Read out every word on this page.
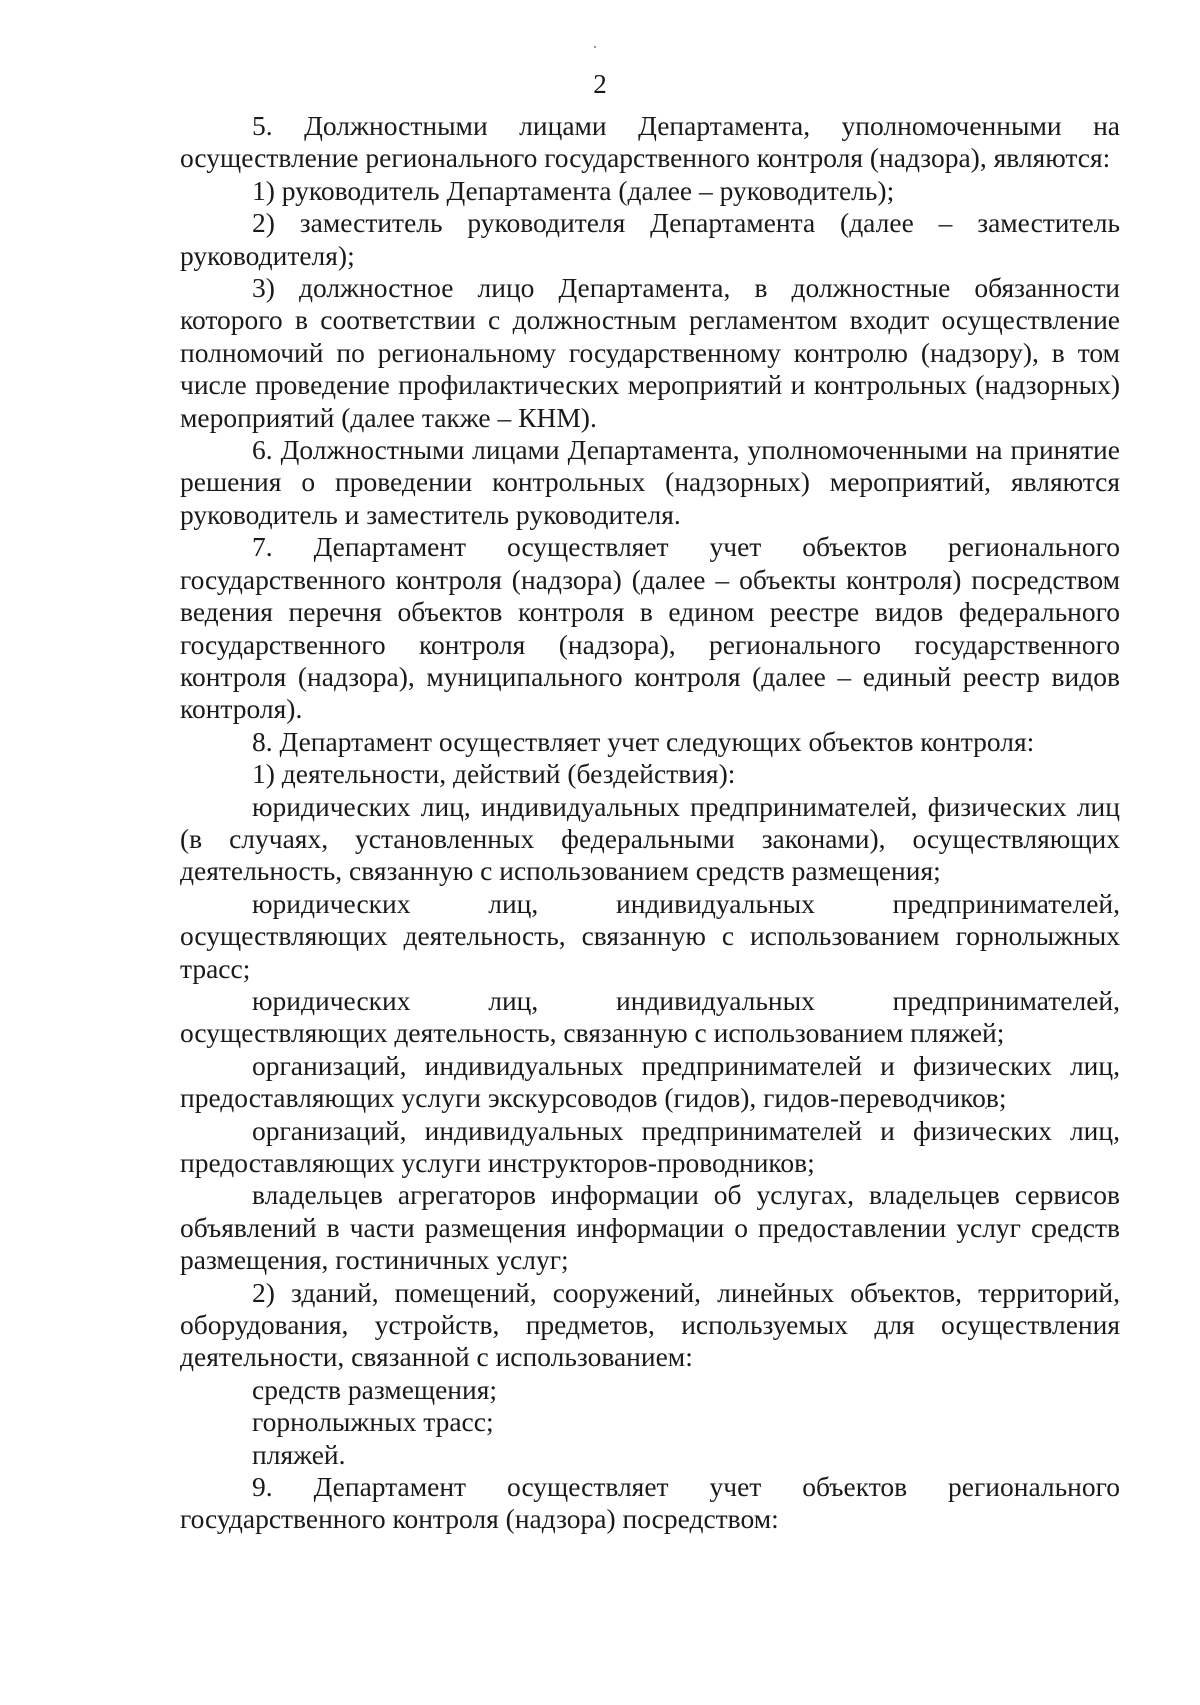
2

5. Должностными лицами Департамента, уполномоченными на осуществление регионального государственного контроля (надзора), являются:

1) руководитель Департамента (далее – руководитель);

2) заместитель руководителя Департамента (далее – заместитель руководителя);

3) должностное лицо Департамента, в должностные обязанности которого в соответствии с должностным регламентом входит осуществление полномочий по региональному государственному контролю (надзору), в том числе проведение профилактических мероприятий и контрольных (надзорных) мероприятий (далее также – КНМ).

6. Должностными лицами Департамента, уполномоченными на принятие решения о проведении контрольных (надзорных) мероприятий, являются руководитель и заместитель руководителя.

7. Департамент осуществляет учет объектов регионального государственного контроля (надзора) (далее – объекты контроля) посредством ведения перечня объектов контроля в едином реестре видов федерального государственного контроля (надзора), регионального государственного контроля (надзора), муниципального контроля (далее – единый реестр видов контроля).

8. Департамент осуществляет учет следующих объектов контроля:

1) деятельности, действий (бездействия):

юридических лиц, индивидуальных предпринимателей, физических лиц (в случаях, установленных федеральными законами), осуществляющих деятельность, связанную с использованием средств размещения;

юридических лиц, индивидуальных предпринимателей, осуществляющих деятельность, связанную с использованием горнолыжных трасс;

юридических лиц, индивидуальных предпринимателей, осуществляющих деятельность, связанную с использованием пляжей;

организаций, индивидуальных предпринимателей и физических лиц, предоставляющих услуги экскурсоводов (гидов), гидов-переводчиков;

организаций, индивидуальных предпринимателей и физических лиц, предоставляющих услуги инструкторов-проводников;

владельцев агрегаторов информации об услугах, владельцев сервисов объявлений в части размещения информации о предоставлении услуг средств размещения, гостиничных услуг;

2) зданий, помещений, сооружений, линейных объектов, территорий, оборудования, устройств, предметов, используемых для осуществления деятельности, связанной с использованием:

средств размещения;

горнолыжных трасс;

пляжей.

9. Департамент осуществляет учет объектов регионального государственного контроля (надзора) посредством:
